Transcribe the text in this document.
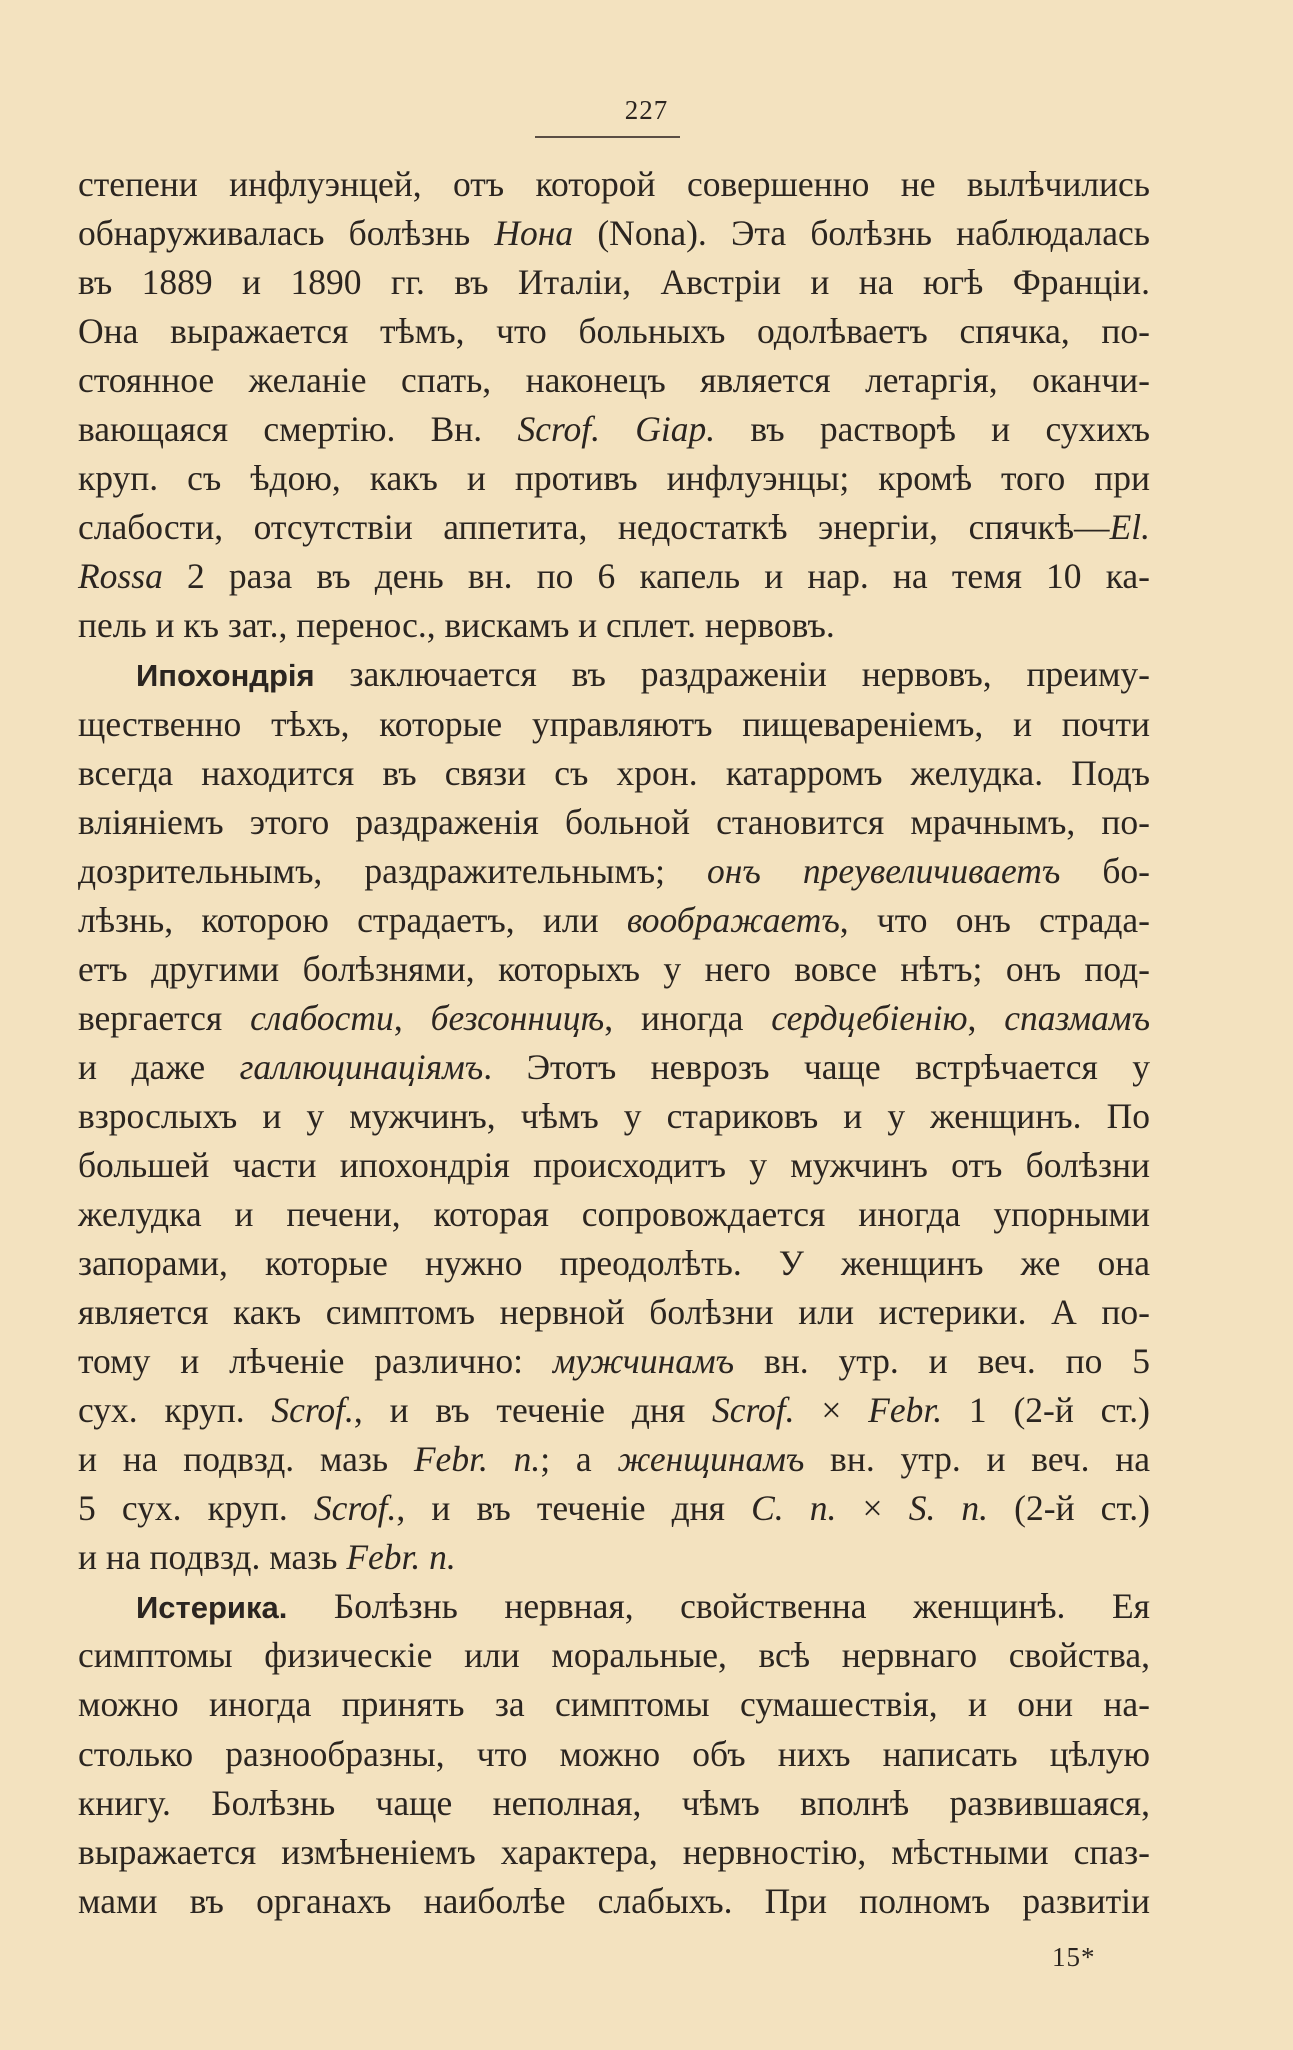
227
степени инфлуэнцей, отъ которой совершенно не вылѣчились
обнаруживалась болѣзнь Нона (Nona). Эта болѣзнь наблюдалась
въ 1889 и 1890 гг. въ Италіи, Австріи и на югѣ Франціи.
Она выражается тѣмъ, что больныхъ одолѣваетъ спячка, по-
стоянное желаніе спать, наконецъ является летаргія, оканчи-
вающаяся смертію. Вн. Scrof. Giap. въ растворѣ и сухихъ
круп. съ ѣдою, какъ и противъ инфлуэнцы; кромѣ того при
слабости, отсутствіи аппетита, недостаткѣ энергіи, спячкѣ—El.
Rossa 2 раза въ день вн. по 6 капель и нар. на темя 10 ка-
пель и къ зат., перенос., вискамъ и сплет. нервовъ.
Ипохондрія заключается въ раздраженіи нервовъ, преиму-
щественно тѣхъ, которые управляютъ пищевареніемъ, и почти
всегда находится въ связи съ хрон. катарромъ желудка. Подъ
вліяніемъ этого раздраженія больной становится мрачнымъ, по-
дозрительнымъ, раздражительнымъ; онъ преувеличиваетъ бо-
лѣзнь, которою страдаетъ, или воображаетъ, что онъ страда-
етъ другими болѣзнями, которыхъ у него вовсе нѣтъ; онъ под-
вергается слабости, безсонницѣ, иногда сердцебіенію, спазмамъ
и даже галлюцинаціямъ. Этотъ неврозъ чаще встрѣчается у
взрослыхъ и у мужчинъ, чѣмъ у стариковъ и у женщинъ. По
большей части ипохондрія происходитъ у мужчинъ отъ болѣзни
желудка и печени, которая сопровождается иногда упорными
запорами, которые нужно преодолѣть. У женщинъ же она
является какъ симптомъ нервной болѣзни или истерики. А по-
тому и лѣченіе различно: мужчинамъ вн. утр. и веч. по 5
сух. круп. Scrof., и въ теченіе дня Scrof. × Febr. 1 (2-й ст.)
и на подвзд. мазь Febr. n.; а женщинамъ вн. утр. и веч. на
5 сух. круп. Scrof., и въ теченіе дня C. n. × S. n. (2-й ст.)
и на подвзд. мазь Febr. n.
Истерика. Болѣзнь нервная, свойственна женщинѣ. Ея
симптомы физическіе или моральные, всѣ нервнаго свойства,
можно иногда принять за симптомы сумашествія, и они на-
столько разнообразны, что можно объ нихъ написать цѣлую
книгу. Болѣзнь чаще неполная, чѣмъ вполнѣ развившаяся,
выражается измѣненіемъ характера, нервностію, мѣстными спаз-
мами въ органахъ наиболѣе слабыхъ. При полномъ развитіи
15*
